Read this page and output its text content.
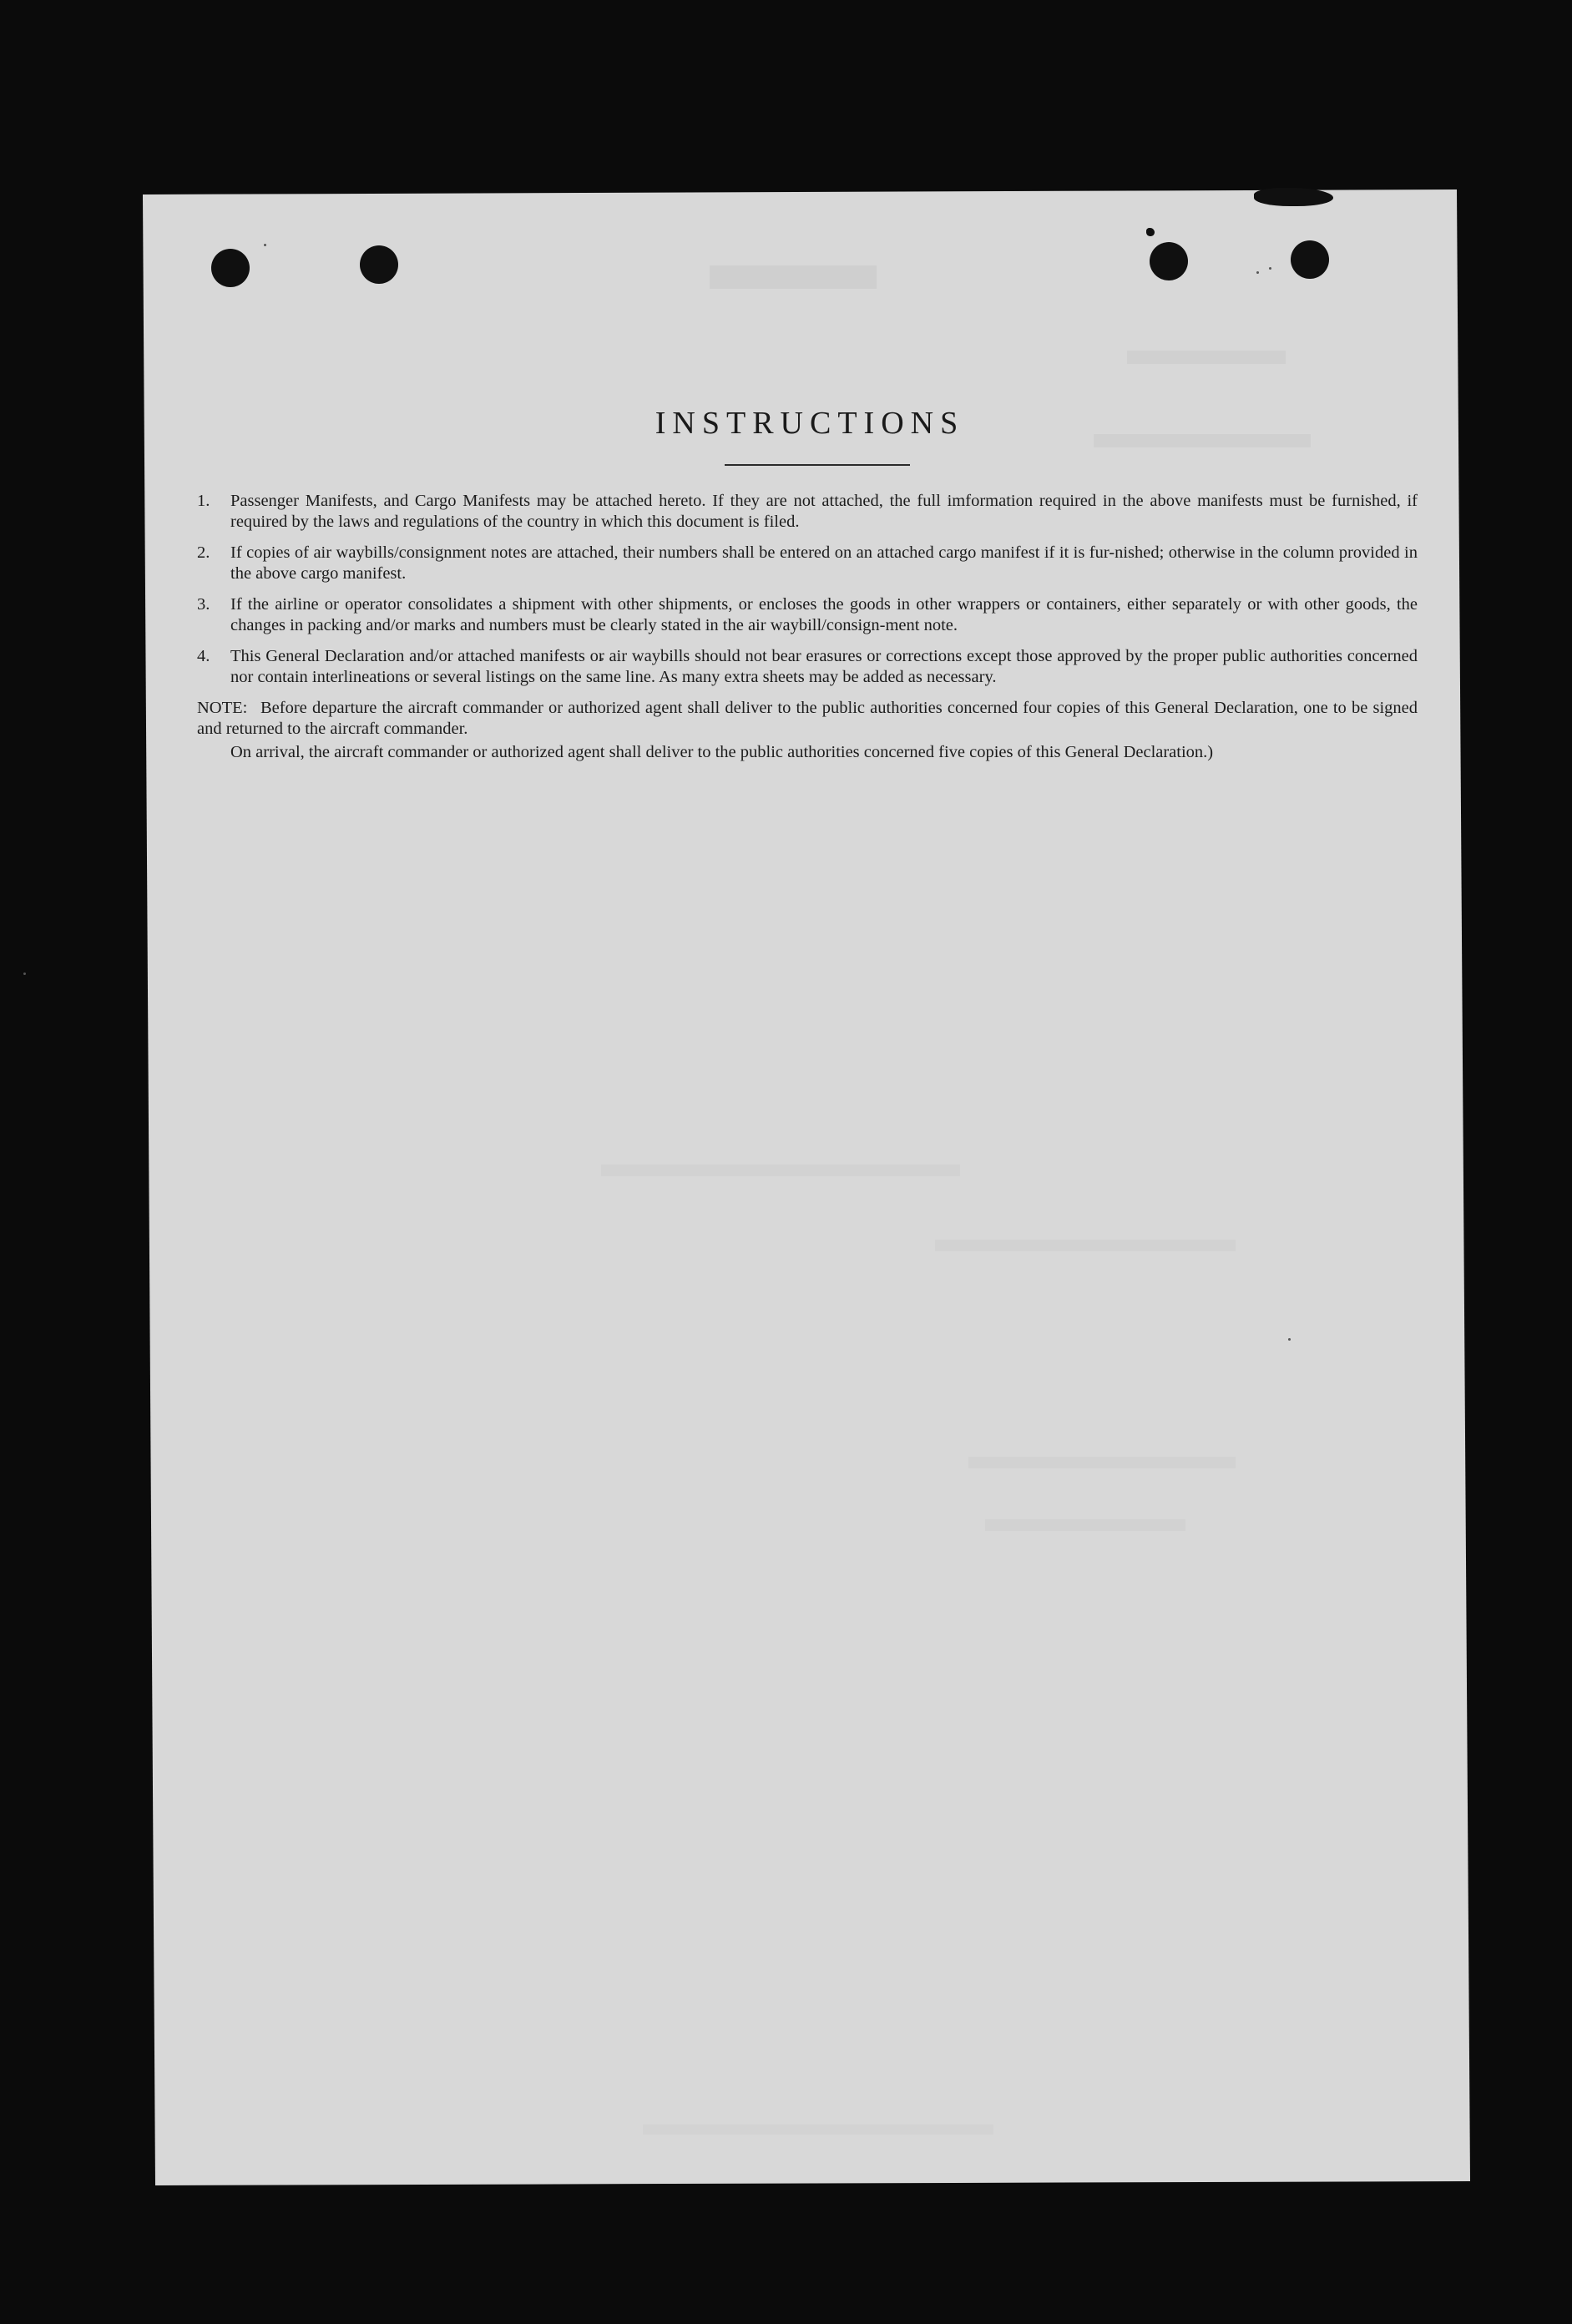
INSTRUCTIONS
1.	Passenger Manifests, and Cargo Manifests may be attached hereto. If they are not attached, the full imformation required in the above manifests must be furnished, if required by the laws and regulations of the country in which this document is filed.
2.	If copies of air waybills/consignment notes are attached, their numbers shall be entered on an attached cargo manifest if it is fur-nished; otherwise in the column provided in the above cargo manifest.
3.	If the airline or operator consolidates a shipment with other shipments, or encloses the goods in other wrappers or containers, either separately or with other goods, the changes in packing and/or marks and numbers must be clearly stated in the air waybill/consign-ment note.
4.	This General Declaration and/or attached manifests or air waybills should not bear erasures or corrections except those approved by the proper public authorities concerned nor contain interlineations or several listings on the same line. As many extra sheets may be added as necessary.
NOTE: Before departure the aircraft commander or authorized agent shall deliver to the public authorities concerned four copies of this General Declaration, one to be signed and returned to the aircraft commander.
On arrival, the aircraft commander or authorized agent shall deliver to the public authorities concerned five copies of this General Declaration.)
